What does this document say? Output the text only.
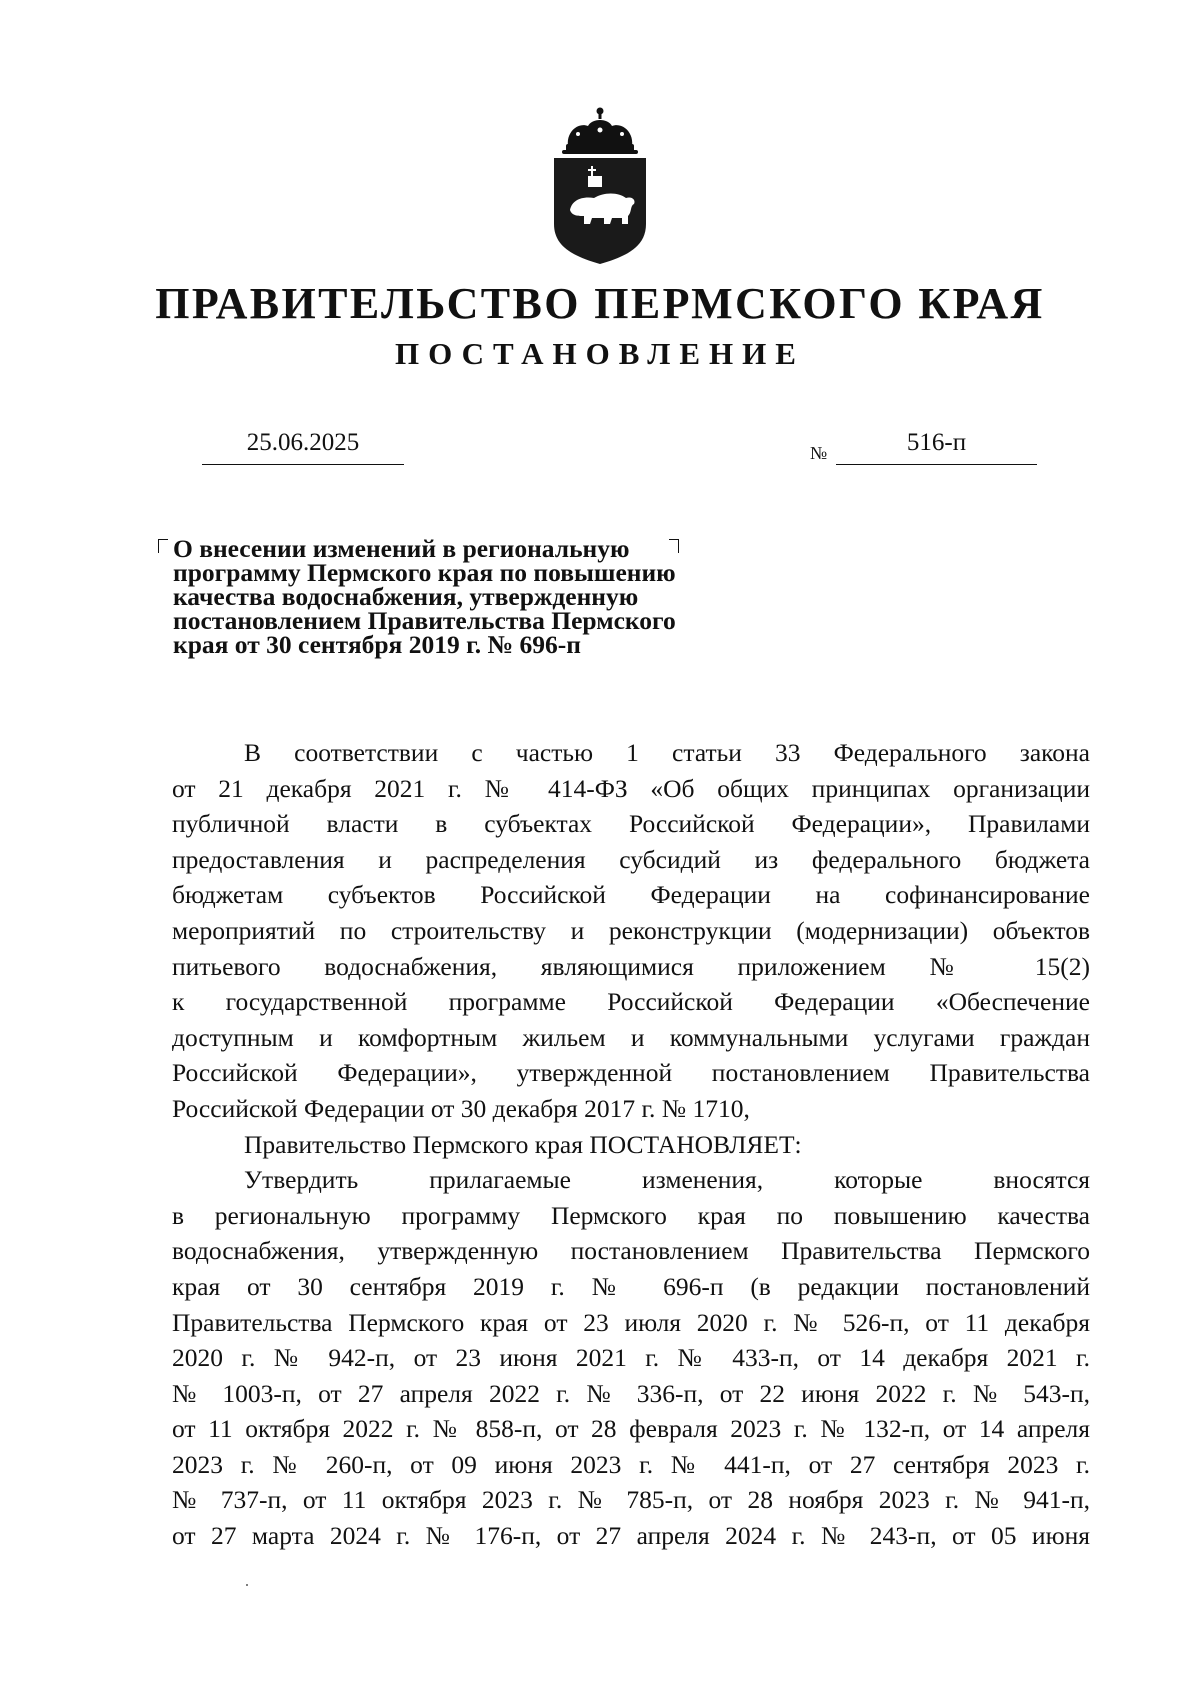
ПРАВИТЕЛЬСТВО ПЕРМСКОГО КРАЯ
ПОСТАНОВЛЕНИЕ
25.06.2025	№	516-п
О внесении изменений в региональную
программу Пермского края по повышению
качества водоснабжения, утвержденную
постановлением Правительства Пермского
края от 30 сентября 2019 г. № 696-п
В соответствии с частью 1 статьи 33 Федерального закона
от 21 декабря 2021 г. № 414-ФЗ «Об общих принципах организации
публичной власти в субъектах Российской Федерации», Правилами
предоставления и распределения субсидий из федерального бюджета
бюджетам субъектов Российской Федерации на софинансирование
мероприятий по строительству и реконструкции (модернизации) объектов
питьевого водоснабжения, являющимися приложением № 15(2)
к государственной программе Российской Федерации «Обеспечение
доступным и комфортным жильем и коммунальными услугами граждан
Российской Федерации», утвержденной постановлением Правительства
Российской Федерации от 30 декабря 2017 г. № 1710,
Правительство Пермского края ПОСТАНОВЛЯЕТ:
Утвердить прилагаемые изменения, которые вносятся
в региональную программу Пермского края по повышению качества
водоснабжения, утвержденную постановлением Правительства Пермского
края от 30 сентября 2019 г. № 696-п (в редакции постановлений
Правительства Пермского края от 23 июля 2020 г. № 526-п, от 11 декабря
2020 г. № 942-п, от 23 июня 2021 г. № 433-п, от 14 декабря 2021 г.
№ 1003-п, от 27 апреля 2022 г. № 336-п, от 22 июня 2022 г. № 543-п,
от 11 октября 2022 г. № 858-п, от 28 февраля 2023 г. № 132-п, от 14 апреля
2023 г. № 260-п, от 09 июня 2023 г. № 441-п, от 27 сентября 2023 г.
№ 737-п, от 11 октября 2023 г. № 785-п, от 28 ноября 2023 г. № 941-п,
от 27 марта 2024 г. № 176-п, от 27 апреля 2024 г. № 243-п, от 05 июня
